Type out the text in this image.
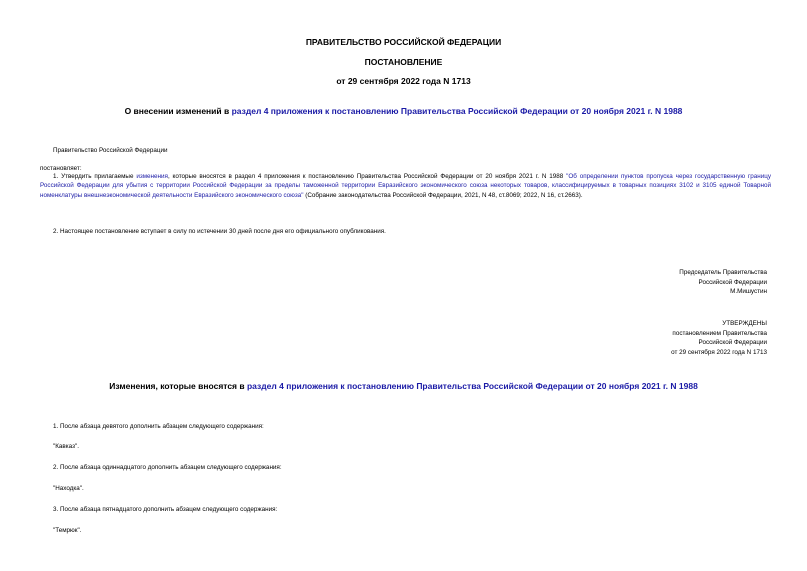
ПРАВИТЕЛЬСТВО РОССИЙСКОЙ ФЕДЕРАЦИИ
ПОСТАНОВЛЕНИЕ
от 29 сентября 2022 года N 1713
О внесении изменений в раздел 4 приложения к постановлению Правительства Российской Федерации от 20 ноября 2021 г. N 1988
Правительство Российской Федерации
постановляет:
1. Утвердить прилагаемые изменения, которые вносятся в раздел 4 приложения к постановлению Правительства Российской Федерации от 20 ноября 2021 г. N 1988 "Об определении пунктов пропуска через государственную границу Российской Федерации для убытия с территории Российской Федерации за пределы таможенной территории Евразийского экономического союза некоторых товаров, классифицируемых в товарных позициях 3102 и 3105 единой Товарной номенклатуры внешнеэкономической деятельности Евразийского экономического союза" (Собрание законодательства Российской Федерации, 2021, N 48, ст.8069; 2022, N 16, ст.2663).
2. Настоящее постановление вступает в силу по истечении 30 дней после дня его официального опубликования.
Председатель Правительства
Российской Федерации
М.Мишустин
УТВЕРЖДЕНЫ
постановлением Правительства
Российской Федерации
от 29 сентября 2022 года N 1713
Изменения, которые вносятся в раздел 4 приложения к постановлению Правительства Российской Федерации от 20 ноября 2021 г. N 1988
1. После абзаца девятого дополнить абзацем следующего содержания:
"Кавказ".
2. После абзаца одиннадцатого дополнить абзацем следующего содержания:
"Находка".
3. После абзаца пятнадцатого дополнить абзацем следующего содержания:
"Темрюк".
